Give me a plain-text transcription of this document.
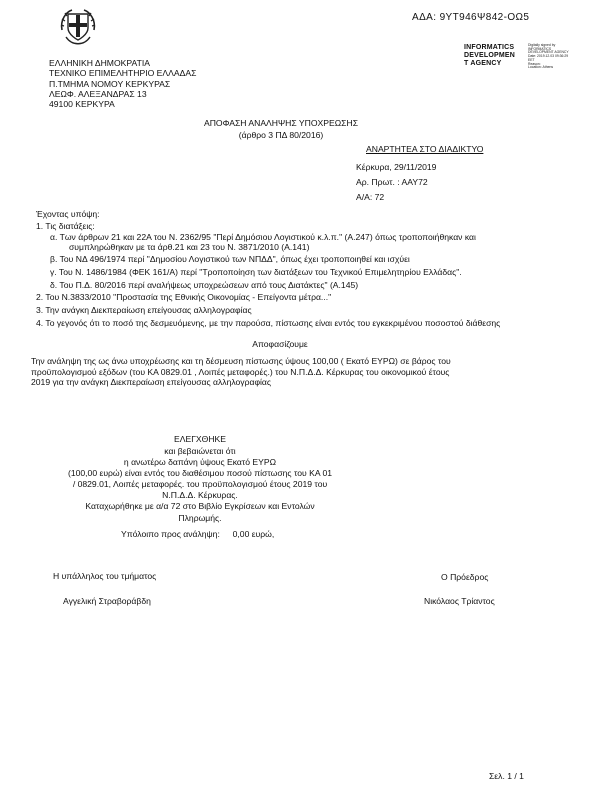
ΑΔΑ: 9ΥΤ946Ψ842-ΟΩ5
ΕΛΛΗΝΙΚΗ ΔΗΜΟΚΡΑΤΙΑ
ΤΕΧΝΙΚΟ ΕΠΙΜΕΛΗΤΗΡΙΟ ΕΛΛΑΔΑΣ
Π.ΤΜΗΜΑ ΝΟΜΟΥ ΚΕΡΚΥΡΑΣ
ΛΕΩΦ. ΑΛΕΞΑΝΔΡΑΣ 13
49100 ΚΕΡΚΥΡΑ
INFORMATICS
DEVELOPMEN
T AGENCY
Digitally signed by
INFORMATICS
DEVELOPMENT AGENCY
Date: 2019.12.03 09:36:29
EET
Reason:
Location: Athens
ΑΠΟΦΑΣΗ ΑΝΑΛΗΨΗΣ ΥΠΟΧΡΕΩΣΗΣ
(άρθρο 3 ΠΔ 80/2016)
ΑΝΑΡΤΗΤΕΑ ΣΤΟ ΔΙΑΔΙΚΤΥΟ
Κέρκυρα, 29/11/2019
Αρ. Πρωτ. : ΑΑΥ72
Α/Α: 72
Έχοντας υπόψη:
1. Τις διατάξεις:
α. Των άρθρων 21 και 22Α του Ν. 2362/95 "Περί Δημόσιου Λογιστικού κ.λ.π." (Α.247) όπως τροποποιήθηκαν και
συμπληρώθηκαν με τα άρθ.21 και 23 του Ν. 3871/2010 (Α.141)
β. Του ΝΔ 496/1974 περί "Δημοσίου Λογιστικού των ΝΠΔΔ", όπως έχει τροποποιηθεί και ισχύει
γ. Του Ν. 1486/1984 (ΦΕΚ 161/Α) περί "Τροποποίηση των διατάξεων του Τεχνικού Επιμελητηρίου Ελλάδας".
δ. Του Π.Δ. 80/2016 περί αναλήψεως υποχρεώσεων από τους Διατάκτες" (Α.145)
2. Του Ν.3833/2010 "Προστασία της Εθνικής Οικονομίας - Επείγοντα μέτρα..."
3. Την ανάγκη Διεκπεραίωση επείγουσας αλληλογραφίας
4. Το γεγονός ότι το ποσό της δεσμευόμενης, με την παρούσα, πίστωσης είναι εντός του εγκεκριμένου ποσοστού διάθεσης
Αποφασίζουμε
Την ανάληψη της ως άνω υποχρέωσης και τη δέσμευση πίστωσης ύψους 100,00 ( Εκατό ΕΥΡΩ) σε βάρος του
προϋπολογισμού εξόδων (του ΚΑ 0829.01 , Λοιπές μεταφορές.) του Ν.Π.Δ.Δ. Κέρκυρας του οικονομικού έτους
2019 για την ανάγκη Διεκπεραίωση επείγουσας αλληλογραφίας
ΕΛΕΓΧΘΗΚΕ
και βεβαιώνεται ότι
η ανωτέρω δαπάνη ύψους Εκατό ΕΥΡΩ
(100,00 ευρώ) είναι εντός του διαθέσιμου ποσού πίστωσης του ΚΑ 01
/ 0829.01, Λοιπές μεταφορές. του προϋπολογισμού έτους 2019 του
Ν.Π.Δ.Δ. Κέρκυρας.
Καταχωρήθηκε με α/α 72 στο Βιβλίο Εγκρίσεων και Εντολών
Πληρωμής.
Υπόλοιπο προς ανάληψη: 0,00 ευρώ,
Η υπάλληλος του τμήματος
Αγγελική Στραβοράβδη
Ο Πρόεδρος
Νικόλαος Τρίαντος
Σελ. 1 / 1
